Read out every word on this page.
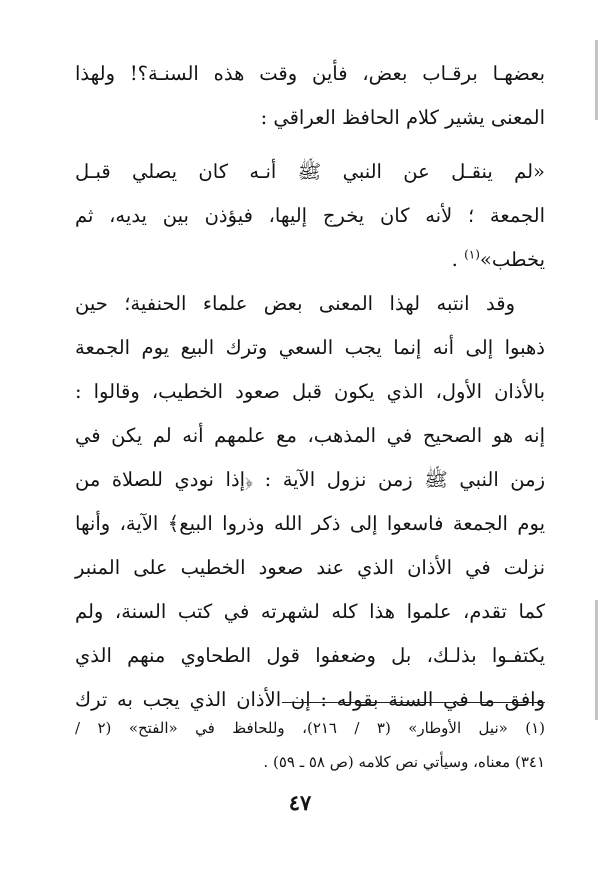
بعضهـا برقـاب بعض، فأين وقت هذه السنـة؟! ولهذا
المعنى يشير كلام الحافظ العراقي :
«لم ينقـل عن النبي ﷺ أنـه كان يصلي قبـل
الجمعة ؛ لأنه كان يخرج إليها، فيؤذن بين يديه، ثم
يخطب»$^{(١)}$ .
وقد انتبه لهذا المعنى بعض علماء الحنفية؛ حين
ذهبوا إلى أنه إنما يجب السعي وترك البيع يوم الجمعة
بالأذان الأول، الذي يكون قبل صعود الخطيب، وقالوا :
إنه هو الصحيح في المذهب، مع علمهم أنه لم يكن في
زمن النبي ﷺ زمن نزول الآية : ﴿إذا نودي للصلاة من
يوم الجمعة فاسعوا إلى ذكر الله وذروا البيع﴾ الآية، وأنها
نزلت في الأذان الذي عند صعود الخطيب على المنبر
كما تقدم، علموا هذا كله لشهرته في كتب السنة، ولم
يكتفـوا بذلـك، بل وضعفوا قول الطحاوي منهم الذي
وافق ما في السنة بقوله : إن الأذان الذي يجب به ترك
(١) «نيل الأوطار» (٣ / ٢١٦)، وللحافظ في «الفتح» (٢ /
٣٤١) معناه، وسيأتي نص كلامه (ص ٥٨ ـ ٥٩) .
٤٧
